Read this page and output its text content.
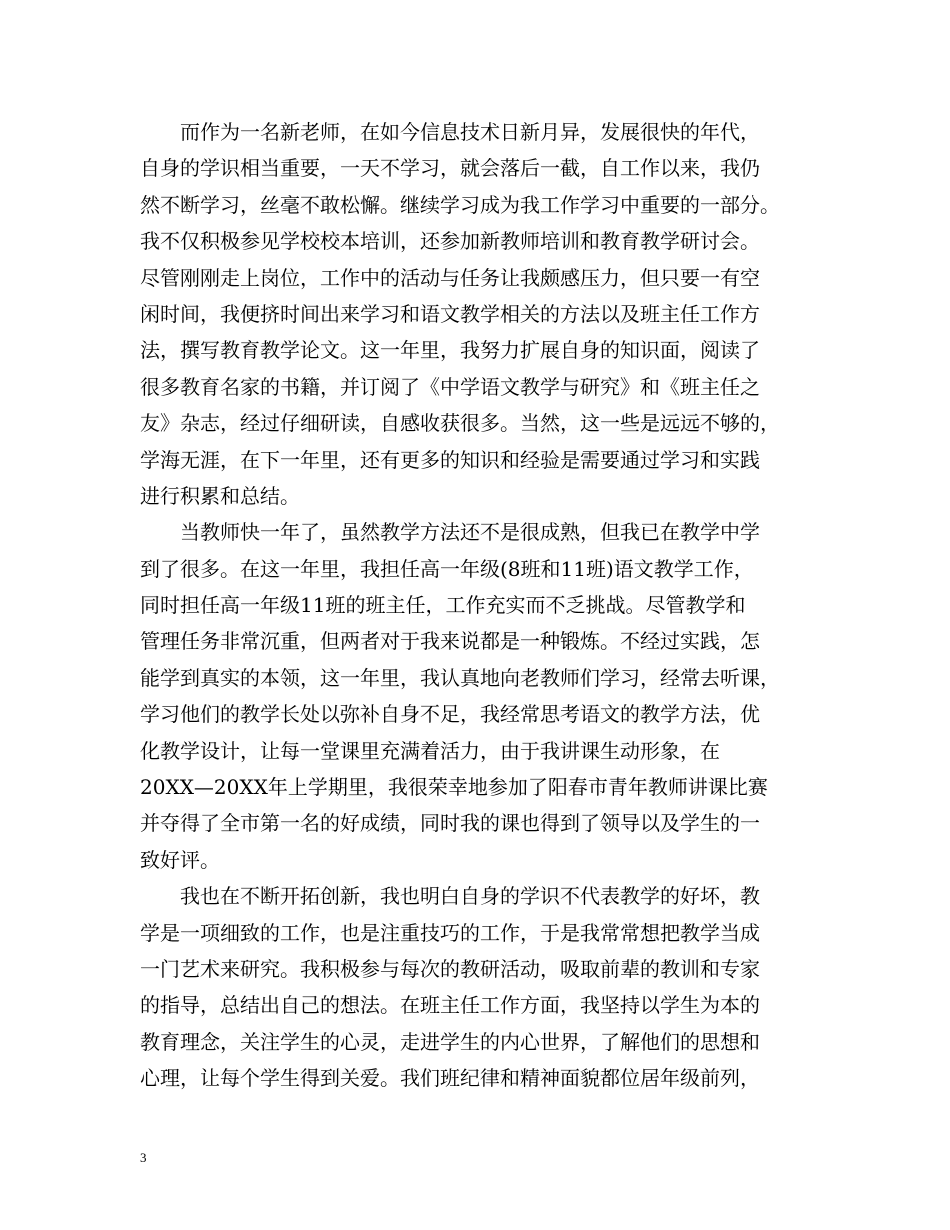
而作为一名新老师，在如今信息技术日新月异，发展很快的年代，
自身的学识相当重要，一天不学习，就会落后一截，自工作以来，我仍
然不断学习，丝毫不敢松懈。继续学习成为我工作学习中重要的一部分。
我不仅积极参见学校校本培训，还参加新教师培训和教育教学研讨会。
尽管刚刚走上岗位，工作中的活动与任务让我颇感压力，但只要一有空
闲时间，我便挤时间出来学习和语文教学相关的方法以及班主任工作方
法，撰写教育教学论文。这一年里，我努力扩展自身的知识面，阅读了
很多教育名家的书籍，并订阅了《中学语文教学与研究》和《班主任之
友》杂志，经过仔细研读，自感收获很多。当然，这一些是远远不够的，
学海无涯，在下一年里，还有更多的知识和经验是需要通过学习和实践
进行积累和总结。
当教师快一年了，虽然教学方法还不是很成熟，但我已在教学中学
到了很多。在这一年里，我担任高一年级(8班和11班)语文教学工作，
同时担任高一年级11班的班主任，工作充实而不乏挑战。尽管教学和
管理任务非常沉重，但两者对于我来说都是一种锻炼。不经过实践，怎
能学到真实的本领，这一年里，我认真地向老教师们学习，经常去听课，
学习他们的教学长处以弥补自身不足，我经常思考语文的教学方法，优
化教学设计，让每一堂课里充满着活力，由于我讲课生动形象，在
20XX—20XX年上学期里，我很荣幸地参加了阳春市青年教师讲课比赛
并夺得了全市第一名的好成绩，同时我的课也得到了领导以及学生的一
致好评。
我也在不断开拓创新，我也明白自身的学识不代表教学的好坏，教
学是一项细致的工作，也是注重技巧的工作，于是我常常想把教学当成
一门艺术来研究。我积极参与每次的教研活动，吸取前辈的教训和专家
的指导，总结出自己的想法。在班主任工作方面，我坚持以学生为本的
教育理念，关注学生的心灵，走进学生的内心世界，了解他们的思想和
心理，让每个学生得到关爱。我们班纪律和精神面貌都位居年级前列，
3
